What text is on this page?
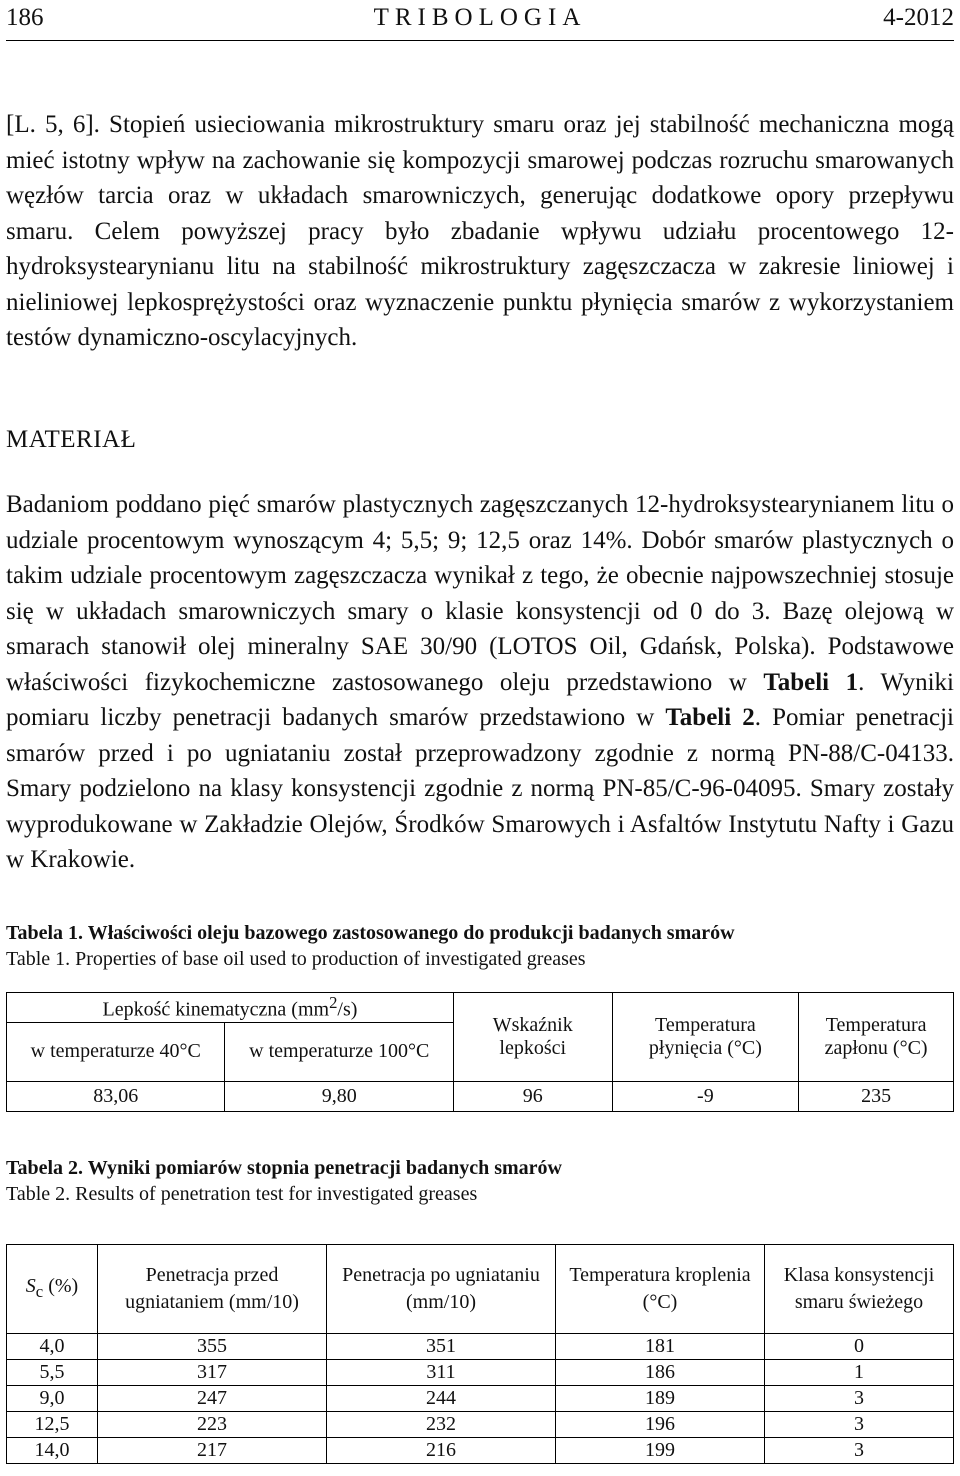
186	TRIBOLOGIA	4-2012

[L. 5, 6]. Stopień usieciowania mikrostruktury smaru oraz jej stabilność mechaniczna mogą mieć istotny wpływ na zachowanie się kompozycji smarowej podczas rozruchu smarowanych węzłów tarcia oraz w układach smarowniczych, generując dodatkowe opory przepływu smaru. Celem powyższej pracy było zbadanie wpływu udziału procentowego 12-hydroksystearynianu litu na stabilność mikrostruktury zagęszczacza w zakresie liniowej i nieliniowej lepkosprężystości oraz wyznaczenie punktu płynięcia smarów z wykorzystaniem testów dynamiczno-oscylacyjnych.

MATERIAŁ

Badaniom poddano pięć smarów plastycznych zagęszczanych 12-hydroksystearynianem litu o udziale procentowym wynoszącym 4; 5,5; 9; 12,5 oraz 14%. Dobór smarów plastycznych o takim udziale procentowym zagęszczacza wynikał z tego, że obecnie najpowszechniej stosuje się w układach smarowniczych smary o klasie konsystencji od 0 do 3. Bazę olejową w smarach stanowił olej mineralny SAE 30/90 (LOTOS Oil, Gdańsk, Polska). Podstawowe właściwości fizykochemiczne zastosowanego oleju przedstawiono w Tabeli 1. Wyniki pomiaru liczby penetracji badanych smarów przedstawiono w Tabeli 2. Pomiar penetracji smarów przed i po ugniataniu został przeprowadzony zgodnie z normą PN-88/C-04133. Smary podzielono na klasy konsystencji zgodnie z normą PN-85/C-96-04095. Smary zostały wyprodukowane w Zakładzie Olejów, Środków Smarowych i Asfaltów Instytutu Nafty i Gazu w Krakowie.

Tabela 1. Właściwości oleju bazowego zastosowanego do produkcji badanych smarów
Table 1. Properties of base oil used to production of investigated greases
Lepkość kinematyczna $(mm^2/s)$		Wskaźnik lepkości	Temperatura płynięcia (°C)	Temperatura zapłonu (°C)
w temperaturze 40°C	w temperaturze 100°C			
83,06	9,80	96	-9	235
Tabela 2. Wyniki pomiarów stopnia penetracji badanych smarów
Table 2. Results of penetration test for investigated greases
$S_c$ (%)	Penetracja przed ugniataniem (mm/10)	Penetracja po ugniataniu (mm/10)	Temperatura kroplenia (°C)	Klasa konsystencji smaru świeżego
4,0	355	351	181	0
5,5	317	311	186	1
9,0	247	244	189	3
12,5	223	232	196	3
14,0	217	216	199	3
